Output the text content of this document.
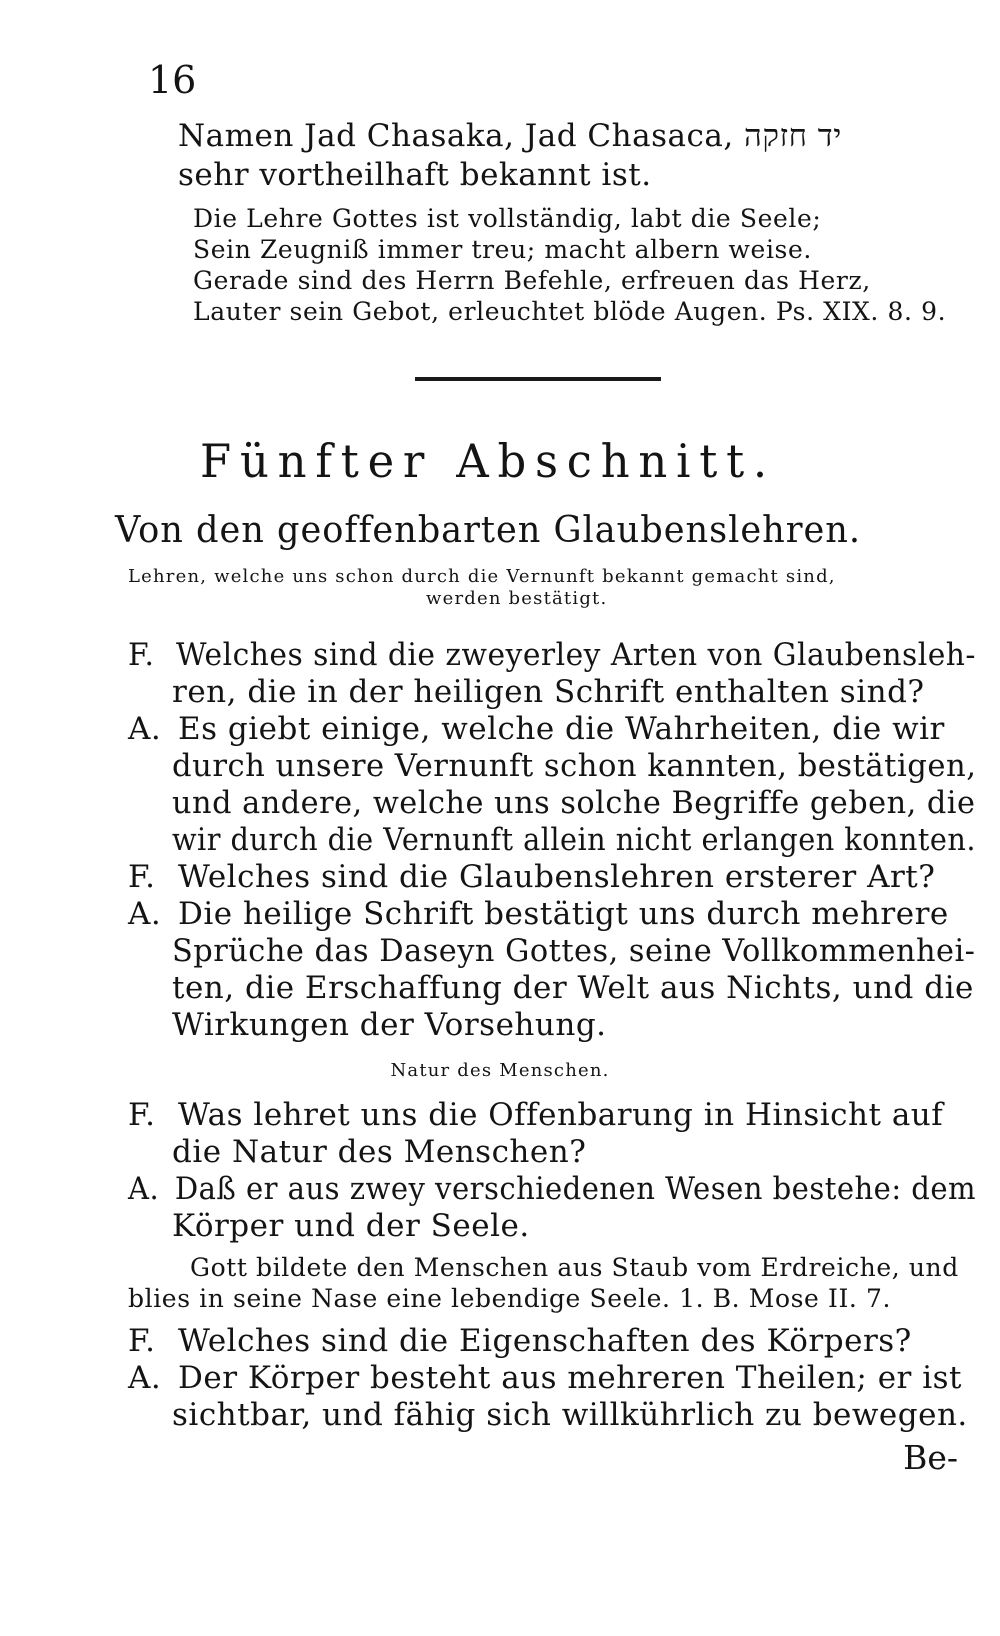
16
Namen Jad Chasaka, Jad Chasaca, יד חזקה
sehr vortheilhaft bekannt ist.
Die Lehre Gottes ist vollständig, labt die Seele;
Sein Zeugniß immer treu; macht albern weise.
Gerade sind des Herrn Befehle, erfreuen das Herz,
Lauter sein Gebot, erleuchtet blöde Augen. Ps. XIX. 8. 9.
Fünfter Abschnitt.
Von den geoffenbarten Glaubenslehren.
Lehren, welche uns schon durch die Vernunft bekannt gemacht sind,
werden bestätigt.
F. Welches sind die zweyerley Arten von Glaubensleh-
ren, die in der heiligen Schrift enthalten sind?
A. Es giebt einige, welche die Wahrheiten, die wir
durch unsere Vernunft schon kannten, bestätigen,
und andere, welche uns solche Begriffe geben, die
wir durch die Vernunft allein nicht erlangen konnten.
F. Welches sind die Glaubenslehren ersterer Art?
A. Die heilige Schrift bestätigt uns durch mehrere
Sprüche das Daseyn Gottes, seine Vollkommenhei-
ten, die Erschaffung der Welt aus Nichts, und die
Wirkungen der Vorsehung.
Natur des Menschen.
F. Was lehret uns die Offenbarung in Hinsicht auf
die Natur des Menschen?
A. Daß er aus zwey verschiedenen Wesen bestehe: dem
Körper und der Seele.
Gott bildete den Menschen aus Staub vom Erdreiche, und
blies in seine Nase eine lebendige Seele. 1. B. Mose II. 7.
F. Welches sind die Eigenschaften des Körpers?
A. Der Körper besteht aus mehreren Theilen; er ist
sichtbar, und fähig sich willkührlich zu bewegen.
Be-
